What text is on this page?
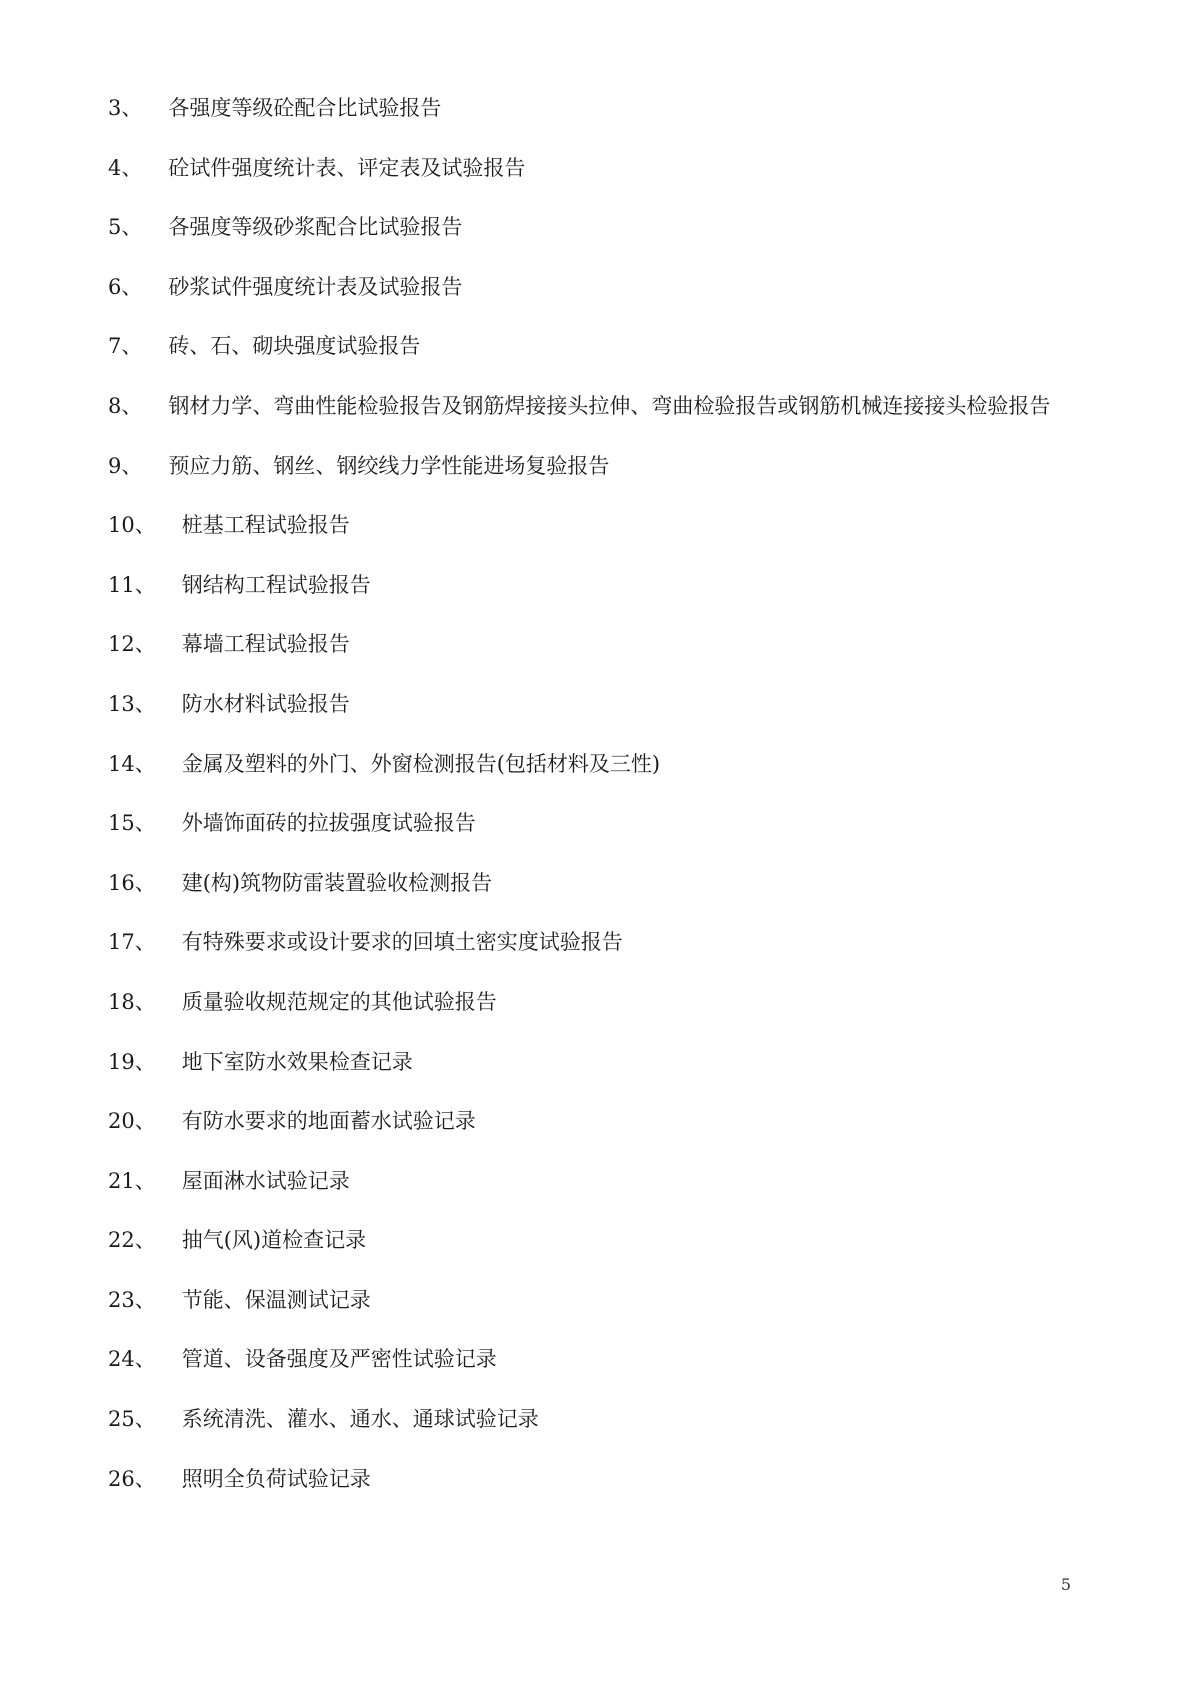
3、 各强度等级砼配合比试验报告
4、 砼试件强度统计表、评定表及试验报告
5、 各强度等级砂浆配合比试验报告
6、 砂浆试件强度统计表及试验报告
7、 砖、石、砌块强度试验报告
8、 钢材力学、弯曲性能检验报告及钢筋焊接接头拉伸、弯曲检验报告或钢筋机械连接接头检验报告
9、 预应力筋、钢丝、钢绞线力学性能进场复验报告
10、 桩基工程试验报告
11、 钢结构工程试验报告
12、 幕墙工程试验报告
13、 防水材料试验报告
14、 金属及塑料的外门、外窗检测报告(包括材料及三性)
15、 外墙饰面砖的拉拔强度试验报告
16、 建(构)筑物防雷装置验收检测报告
17、 有特殊要求或设计要求的回填土密实度试验报告
18、 质量验收规范规定的其他试验报告
19、 地下室防水效果检查记录
20、 有防水要求的地面蓄水试验记录
21、 屋面淋水试验记录
22、 抽气(风)道检查记录
23、 节能、保温测试记录
24、 管道、设备强度及严密性试验记录
25、 系统清洗、灌水、通水、通球试验记录
26、 照明全负荷试验记录
5
